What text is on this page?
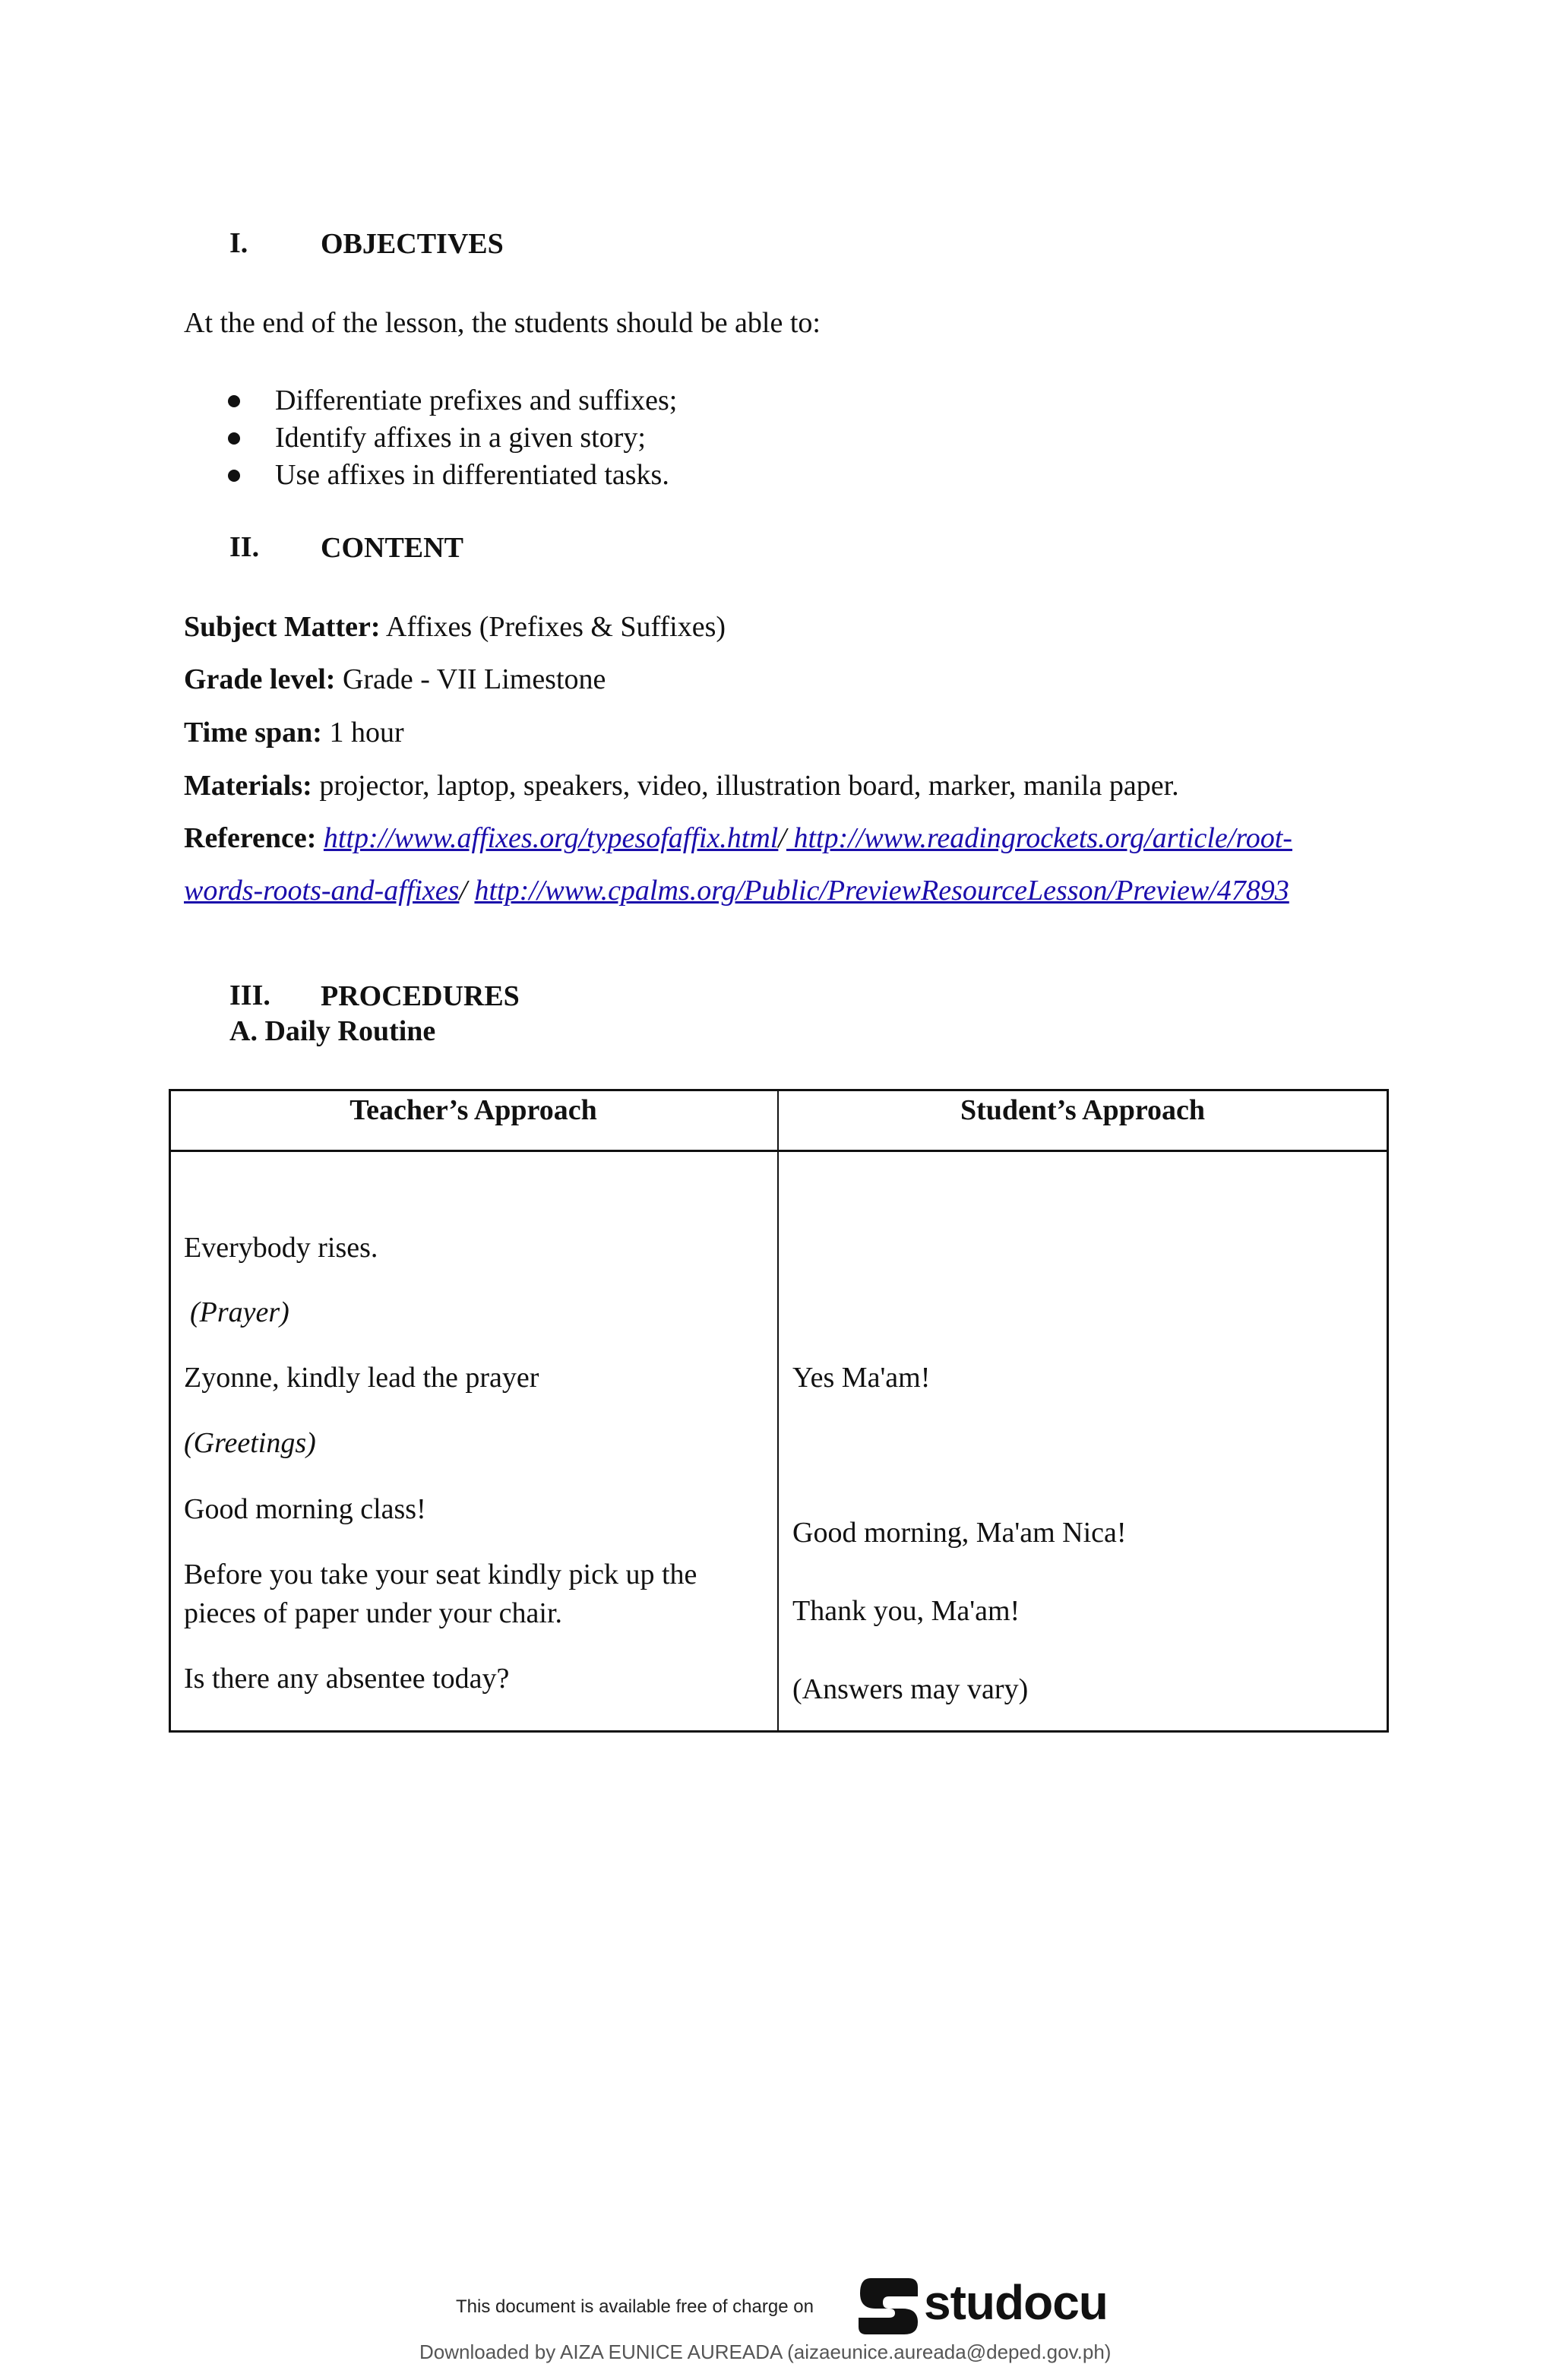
I.	OBJECTIVES
At the end of the lesson, the students should be able to:
Differentiate prefixes and suffixes;
Identify affixes in a given story;
Use affixes in differentiated tasks.
II. CONTENT
Subject Matter: Affixes (Prefixes & Suffixes)
Grade level: Grade - VII Limestone
Time span: 1 hour
Materials: projector, laptop, speakers, video, illustration board, marker, manila paper.
Reference: http://www.affixes.org/typesofaffix.html/ http://www.readingrockets.org/article/root-
words-roots-and-affixes/ http://www.cpalms.org/Public/PreviewResourceLesson/Preview/47893
III. PROCEDURES
A. Daily Routine
Teacher’s Approach	Student’s Approach
Everybody rises.
(Prayer)
Zyonne, kindly lead the prayer
(Greetings)
Good morning class!
Before you take your seat kindly pick up the
pieces of paper under your chair.
Is there any absentee today?
Yes Ma'am!
Good morning, Ma'am Nica!
Thank you, Ma'am!
(Answers may vary)
This document is available free of charge on studocu
Downloaded by AIZA EUNICE AUREADA (aizaeunice.aureada@deped.gov.ph)
